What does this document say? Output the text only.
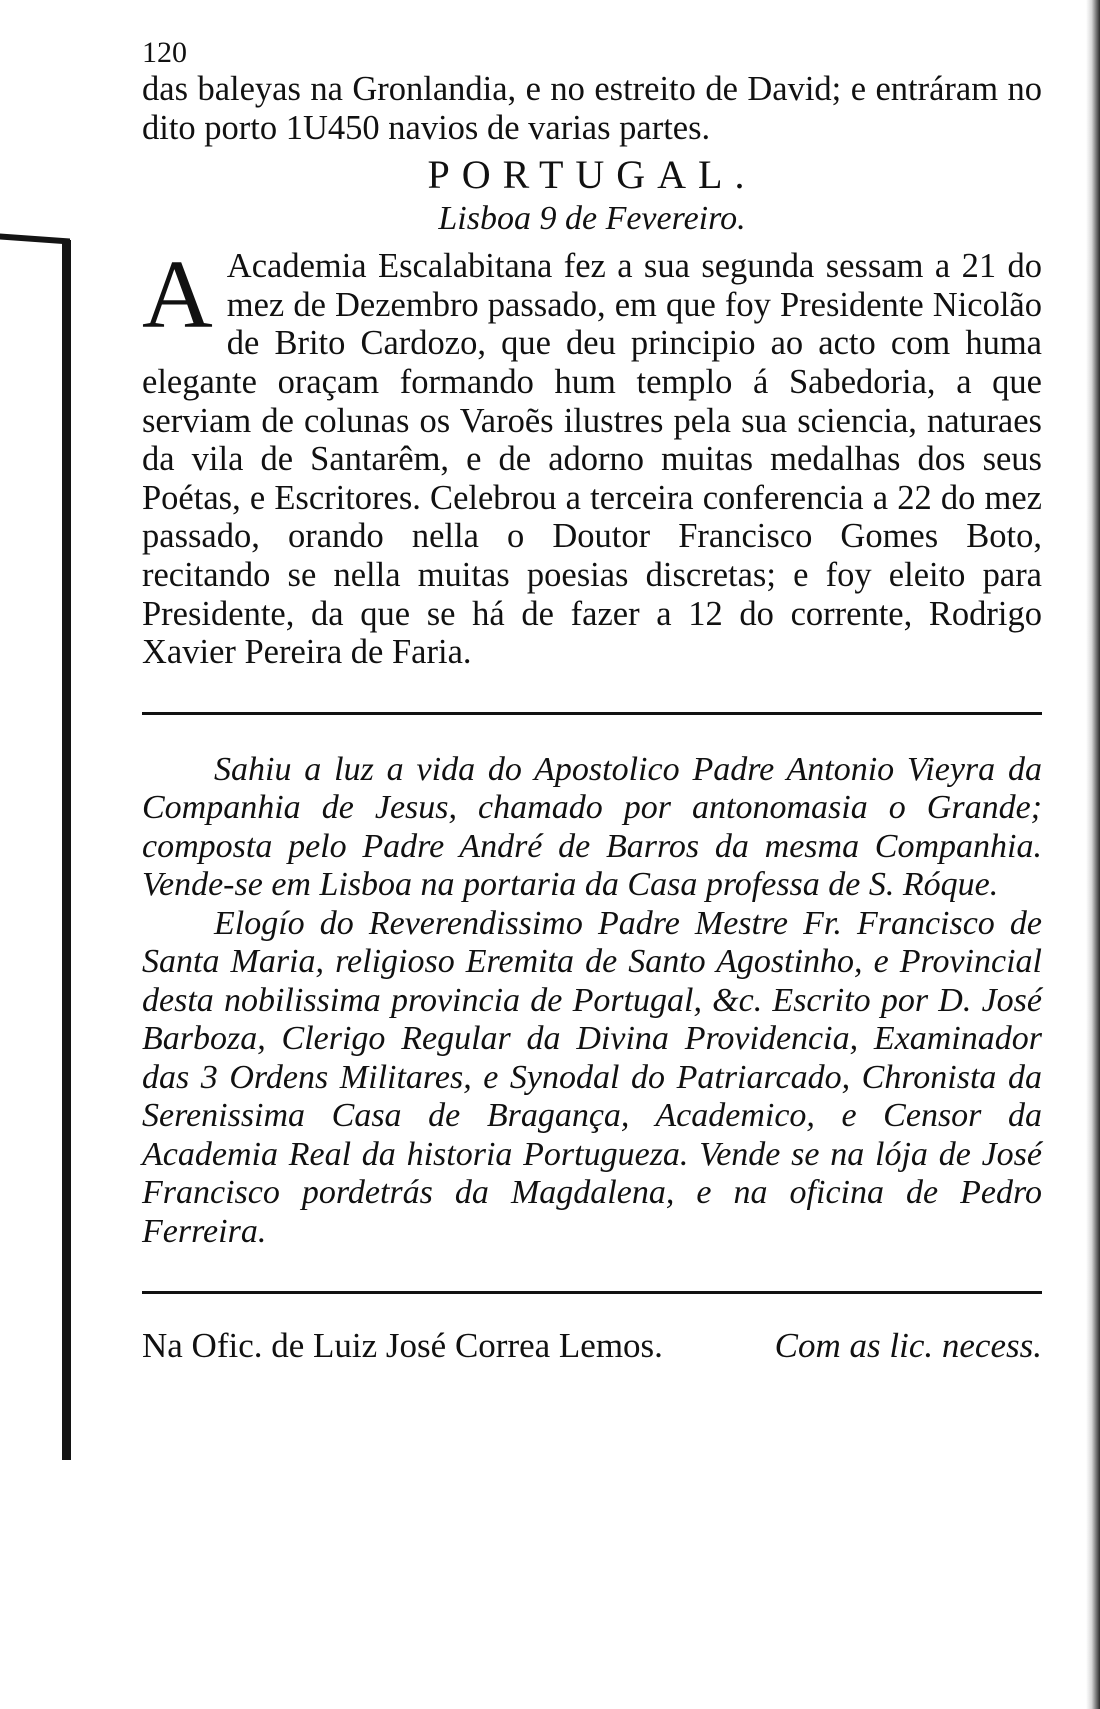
120

das baleyas na Gronlandia, e no estreito de David; e entráram no dito porto 1U450 navios de varias partes.

PORTUGAL.
Lisboa 9 de Fevereiro.

A Academia Escalabitana fez a sua segunda sessam a 21 do mez de Dezembro passado, em que foy Presidente Nicolão de Brito Cardozo, que deu principio ao acto com huma elegante oraçam formando hum templo á Sabedoria, a que serviam de colunas os Varoẽs ilustres pela sua sciencia, naturaes da vila de Santarêm, e de adorno muitas medalhas dos seus Poétas, e Escritores. Celebrou a terceira conferencia a 22 do mez passado, orando nella o Doutor Francisco Gomes Boto, recitando se nella muitas poesias discretas; e foy eleito para Presidente, da que se há de fazer a 12 do corrente, Rodrigo Xavier Pereira de Faria.

Sahiu a luz a vida do Apostolico Padre Antonio Vieyra da Companhia de Jesus, chamado por antonomasia o Grande; composta pelo Padre André de Barros da mesma Companhia. Vende-se em Lisboa na portaria da Casa professa de S. Róque.

Elogío do Reverendissimo Padre Mestre Fr. Francisco de Santa Maria, religioso Eremita de Santo Agostinho, e Provincial desta nobilissima provincia de Portugal, &c. Escrito por D. José Barboza, Clerigo Regular da Divina Providencia, Examinador das 3 Ordens Militares, e Synodal do Patriarcado, Chronista da Serenissima Casa de Bragança, Academico, e Censor da Academia Real da historia Portugueza. Vende se na lója de José Francisco pordetrás da Magdalena, e na oficina de Pedro Ferreira.

Na Ofic. de Luiz José Correa Lemos.	Com as lic. necess.
